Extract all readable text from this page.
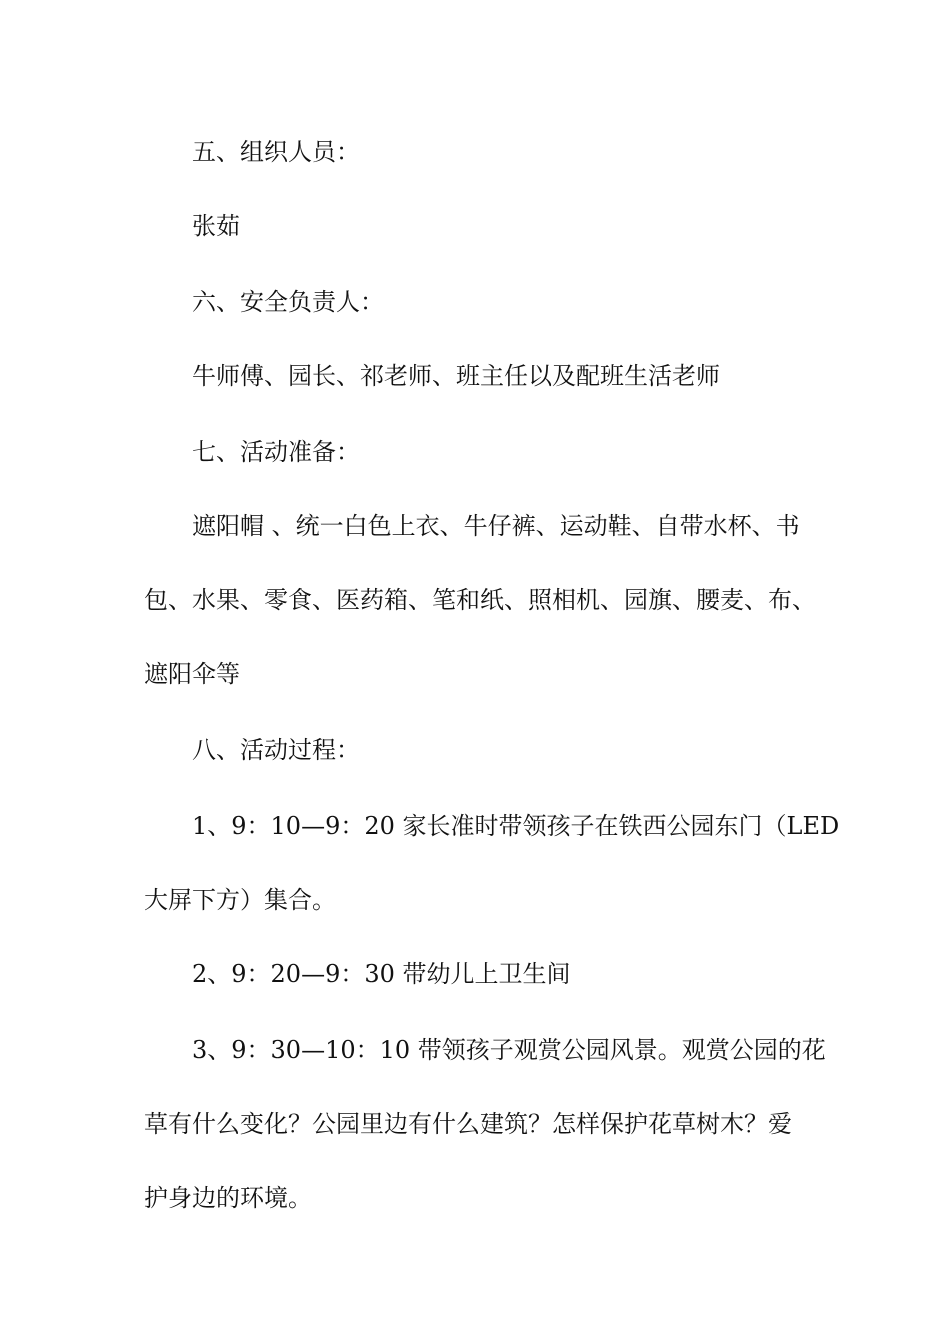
五、组织人员：
张茹
六、安全负责人：
牛师傅、园长、祁老师、班主任以及配班生活老师
七、活动准备：
遮阳帽 、统一白色上衣、牛仔裤、运动鞋、自带水杯、书
包、水果、零食、医药箱、笔和纸、照相机、园旗、腰麦、布、
遮阳伞等
八、活动过程：
1、9：10—9：20 家长准时带领孩子在铁西公园东门（LED
大屏下方）集合。
2、9：20—9：30 带幼儿上卫生间
3、9：30—10：10 带领孩子观赏公园风景。观赏公园的花
草有什么变化？公园里边有什么建筑？怎样保护花草树木？爱
护身边的环境。
